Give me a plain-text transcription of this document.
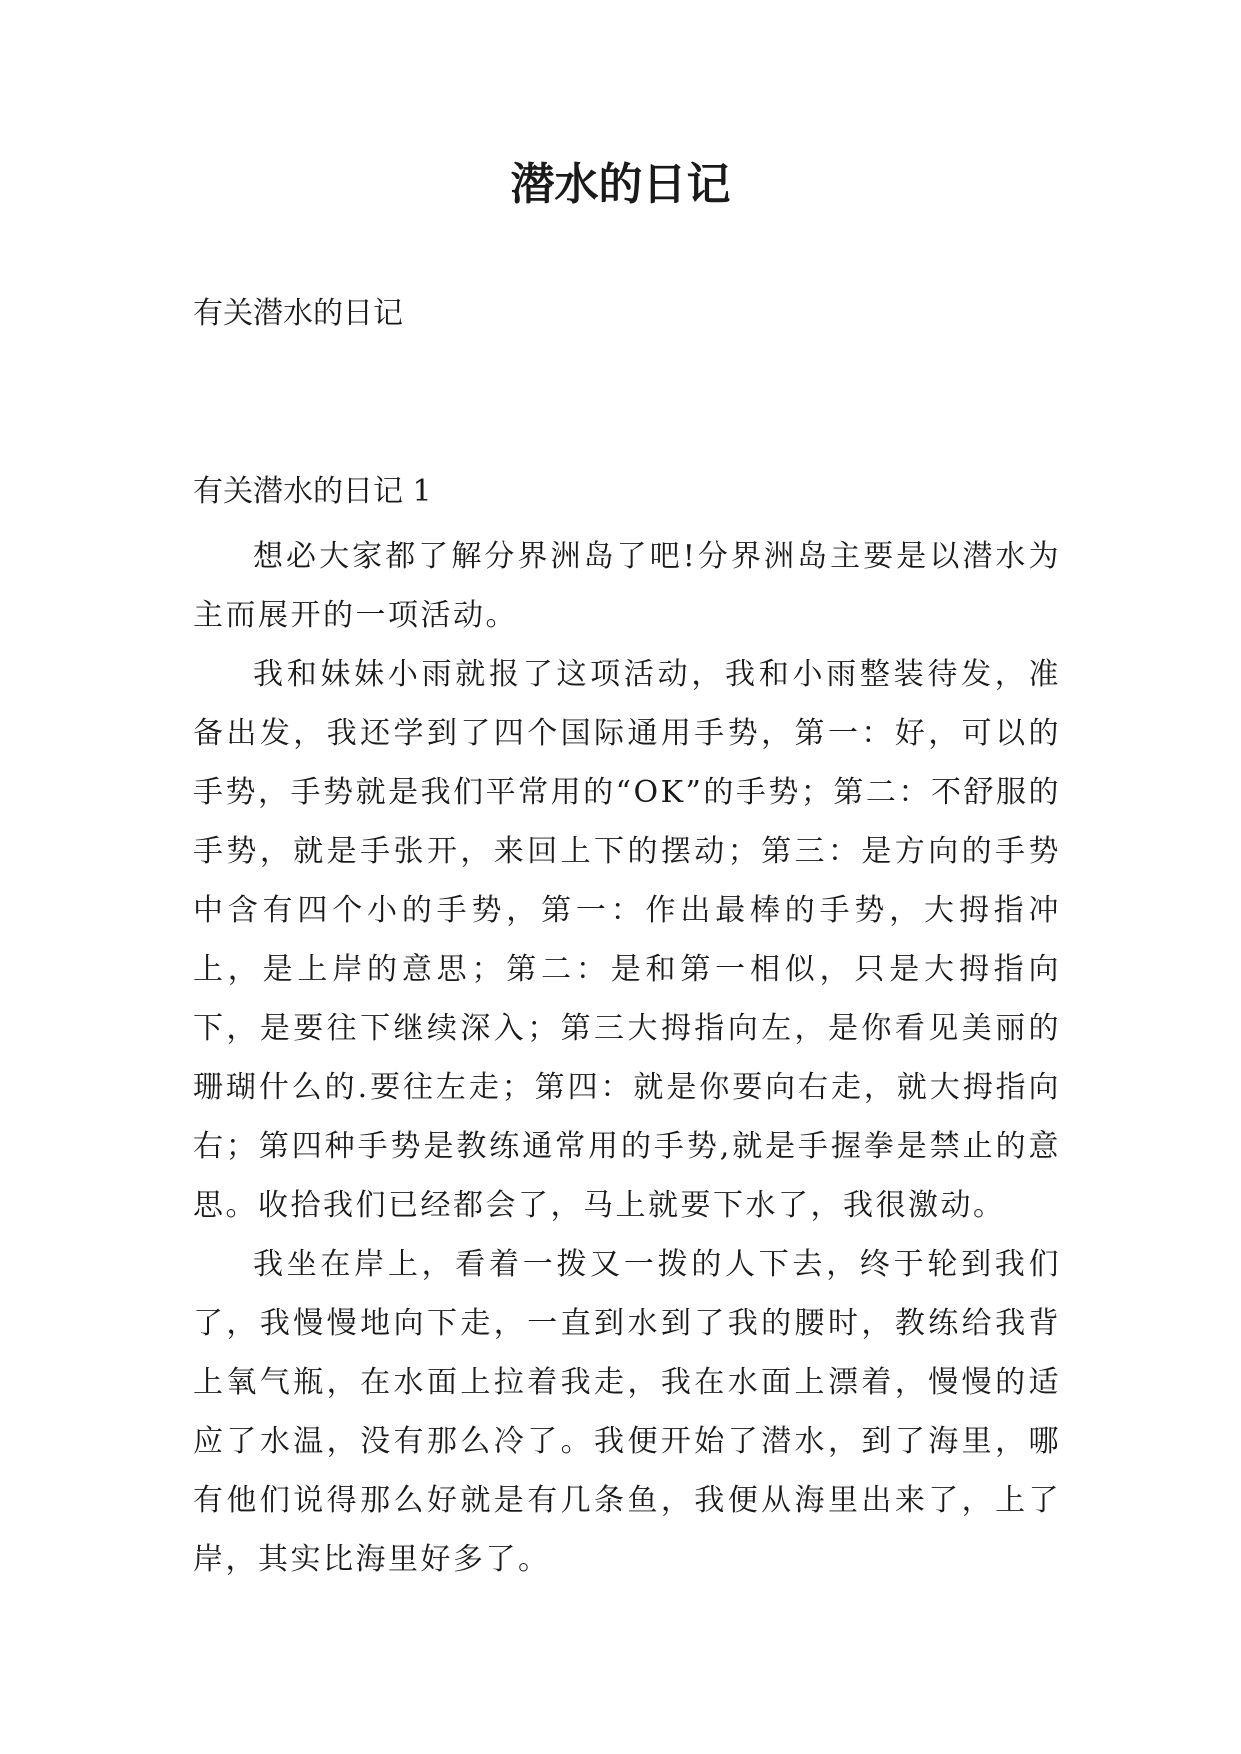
潜水的日记
有关潜水的日记
有关潜水的日记 1

想必大家都了解分界洲岛了吧!分界洲岛主要是以潜水为主而展开的一项活动。

我和妹妹小雨就报了这项活动，我和小雨整装待发，准备出发，我还学到了四个国际通用手势，第一：好，可以的手势，手势就是我们平常用的“OK”的手势；第二：不舒服的手势，就是手张开，来回上下的摆动；第三：是方向的手势中含有四个小的手势，第一：作出最棒的手势，大拇指冲上，是上岸的意思；第二：是和第一相似，只是大拇指向下，是要往下继续深入；第三大拇指向左，是你看见美丽的珊瑚什么的.要往左走；第四：就是你要向右走，就大拇指向右；第四种手势是教练通常用的手势,就是手握拳是禁止的意思。收拾我们已经都会了，马上就要下水了，我很激动。

我坐在岸上，看着一拨又一拨的人下去，终于轮到我们了，我慢慢地向下走，一直到水到了我的腰时，教练给我背上氧气瓶，在水面上拉着我走，我在水面上漂着，慢慢的适应了水温，没有那么冷了。我便开始了潜水，到了海里，哪有他们说得那么好就是有几条鱼，我便从海里出来了，上了岸，其实比海里好多了。
